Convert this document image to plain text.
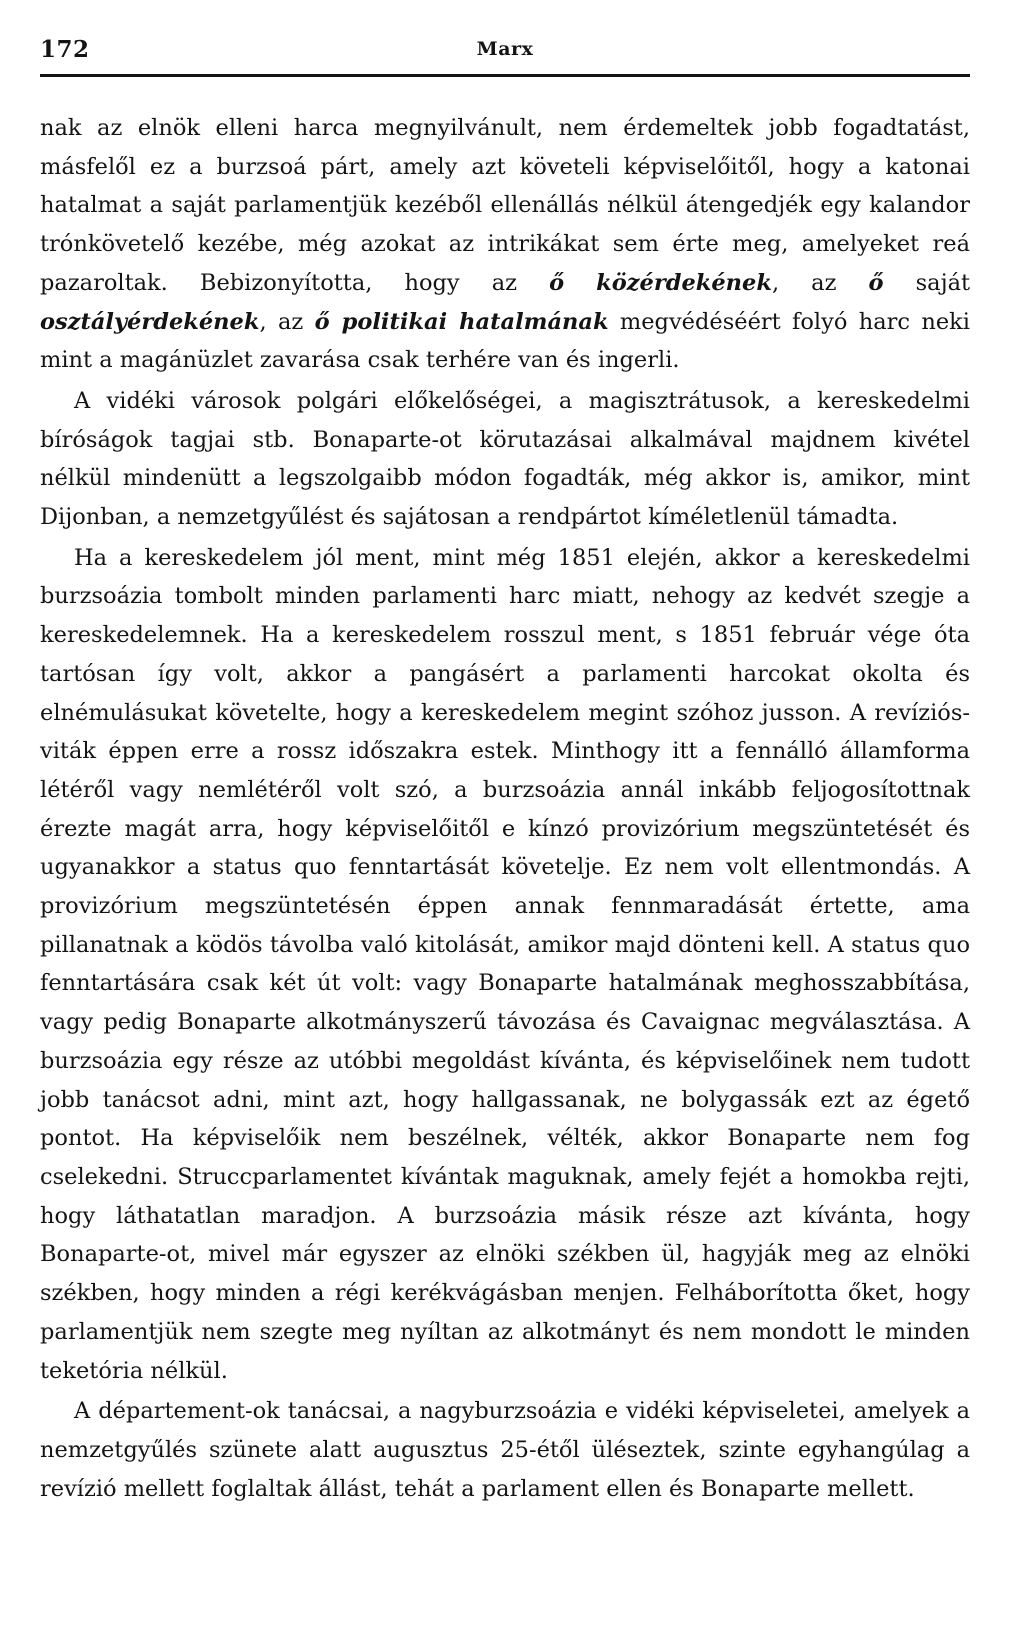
172	Marx

nak az elnök elleni harca megnyilvánult, nem érdemeltek jobb fogadtatást, másfelől ez a burzsoá párt, amely azt követeli képviselőitől, hogy a katonai hatalmat a saját parlamentjük kezéből ellenállás nélkül átengedjék egy kalandor trónkövetelő kezébe, még azokat az intrikákat sem érte meg, amelyeket reá pazaroltak. Bebizonyította, hogy az ő közérdekének, az ő saját osztályérdekének, az ő politikai hatalmának megvédéséért folyó harc neki mint a magánüzlet zavarása csak terhére van és ingerli.

A vidéki városok polgári előkelőségei, a magisztrátusok, a kereskedelmi bíróságok tagjai stb. Bonaparte-ot körutazásai alkalmával majdnem kivétel nélkül mindenütt a legszolgaibb módon fogadták, még akkor is, amikor, mint Dijonban, a nemzetgyűlést és sajátosan a rendpártot kíméletlenül támadta.

Ha a kereskedelem jól ment, mint még 1851 elején, akkor a kereskedelmi burzsoázia tombolt minden parlamenti harc miatt, nehogy az kedvét szegje a kereskedelemnek. Ha a kereskedelem rosszul ment, s 1851 február vége óta tartósan így volt, akkor a pangásért a parlamenti harcokat okolta és elnémulásukat követelte, hogy a kereskedelem megint szóhoz jusson. A revíziós-viták éppen erre a rossz időszakra estek. Minthogy itt a fennálló államforma létéről vagy nemlétéről volt szó, a burzsoázia annál inkább feljogosítottnak érezte magát arra, hogy képviselőitől e kínzó provizórium megszüntetését és ugyanakkor a status quo fenntartását követelje. Ez nem volt ellentmondás. A provizórium megszüntetésén éppen annak fennmaradását értette, ama pillanatnak a ködös távolba való kitolását, amikor majd dönteni kell. A status quo fenntartására csak két út volt: vagy Bonaparte hatalmának meghosszabbítása, vagy pedig Bonaparte alkotmányszerű távozása és Cavaignac megválasztása. A burzsoázia egy része az utóbbi megoldást kívánta, és képviselőinek nem tudott jobb tanácsot adni, mint azt, hogy hallgassanak, ne bolygassák ezt az égető pontot. Ha képviselőik nem beszélnek, vélték, akkor Bonaparte nem fog cselekedni. Struccparlamentet kívántak maguknak, amely fejét a homokba rejti, hogy láthatatlan maradjon. A burzsoázia másik része azt kívánta, hogy Bonaparte-ot, mivel már egyszer az elnöki székben ül, hagyják meg az elnöki székben, hogy minden a régi kerékvágásban menjen. Felháborította őket, hogy parlamentjük nem szegte meg nyíltan az alkotmányt és nem mondott le minden teketória nélkül.

A département-ok tanácsai, a nagyburzsoázia e vidéki képviseletei, amelyek a nemzetgyűlés szünete alatt augusztus 25-étől üléseztek, szinte egyhangúlag a revízió mellett foglaltak állást, tehát a parlament ellen és Bonaparte mellett.
